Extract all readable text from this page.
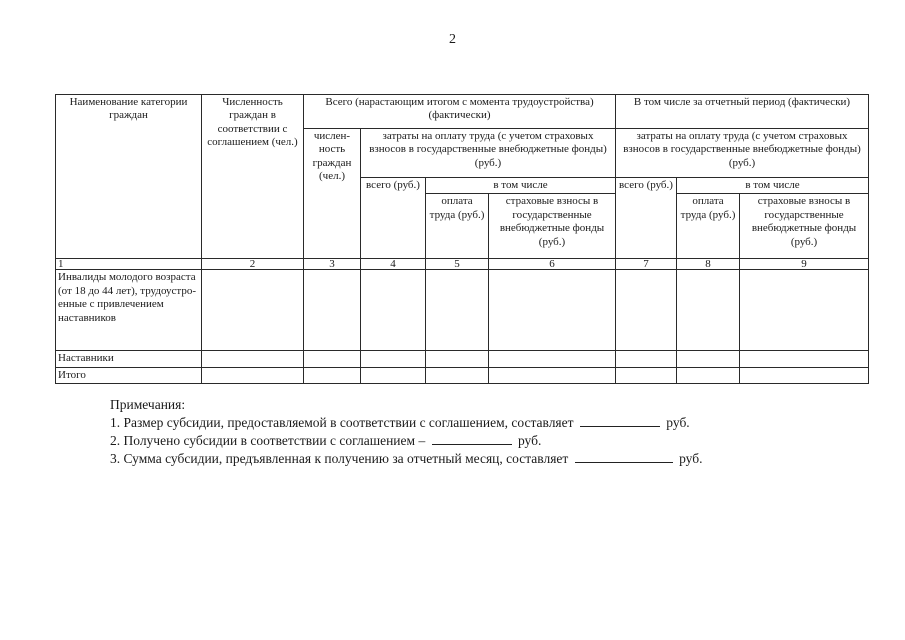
2
Наименование категории граждан	Численность граждан в соответствии с соглашением (чел.)	Всего (нарастающим итогом с момента трудоустройства) (фактически)				В том числе за отчетный период (фактически)		
		числен-ность граждан (чел.)	затраты на оплату труда (с учетом страховых взносов в государственные внебюджетные фонды) (руб.)			затраты на оплату труда (с учетом страховых взносов в государственные внебюджетные фонды) (руб.)		
			всего (руб.)	в том числе		всего (руб.)	в том числе	
				оплата труда (руб.)	страховые взносы в государственные внебюджетные фонды (руб.)		оплата труда (руб.)	страховые взносы в государственные внебюджетные фонды (руб.)
1	2	3	4	5	6	7	8	9
Инвалиды молодого возраста (от 18 до 44 лет), трудоустро-енные с привлечением наставников								
Наставники								
Итого								
Примечания:
1. Размер субсидии, предоставляемой в соответствии с соглашением, составляет	руб.
2. Получено субсидии в соответствии с соглашением –	руб.
3. Сумма субсидии, предъявленная к получению за отчетный месяц, составляет	руб.
